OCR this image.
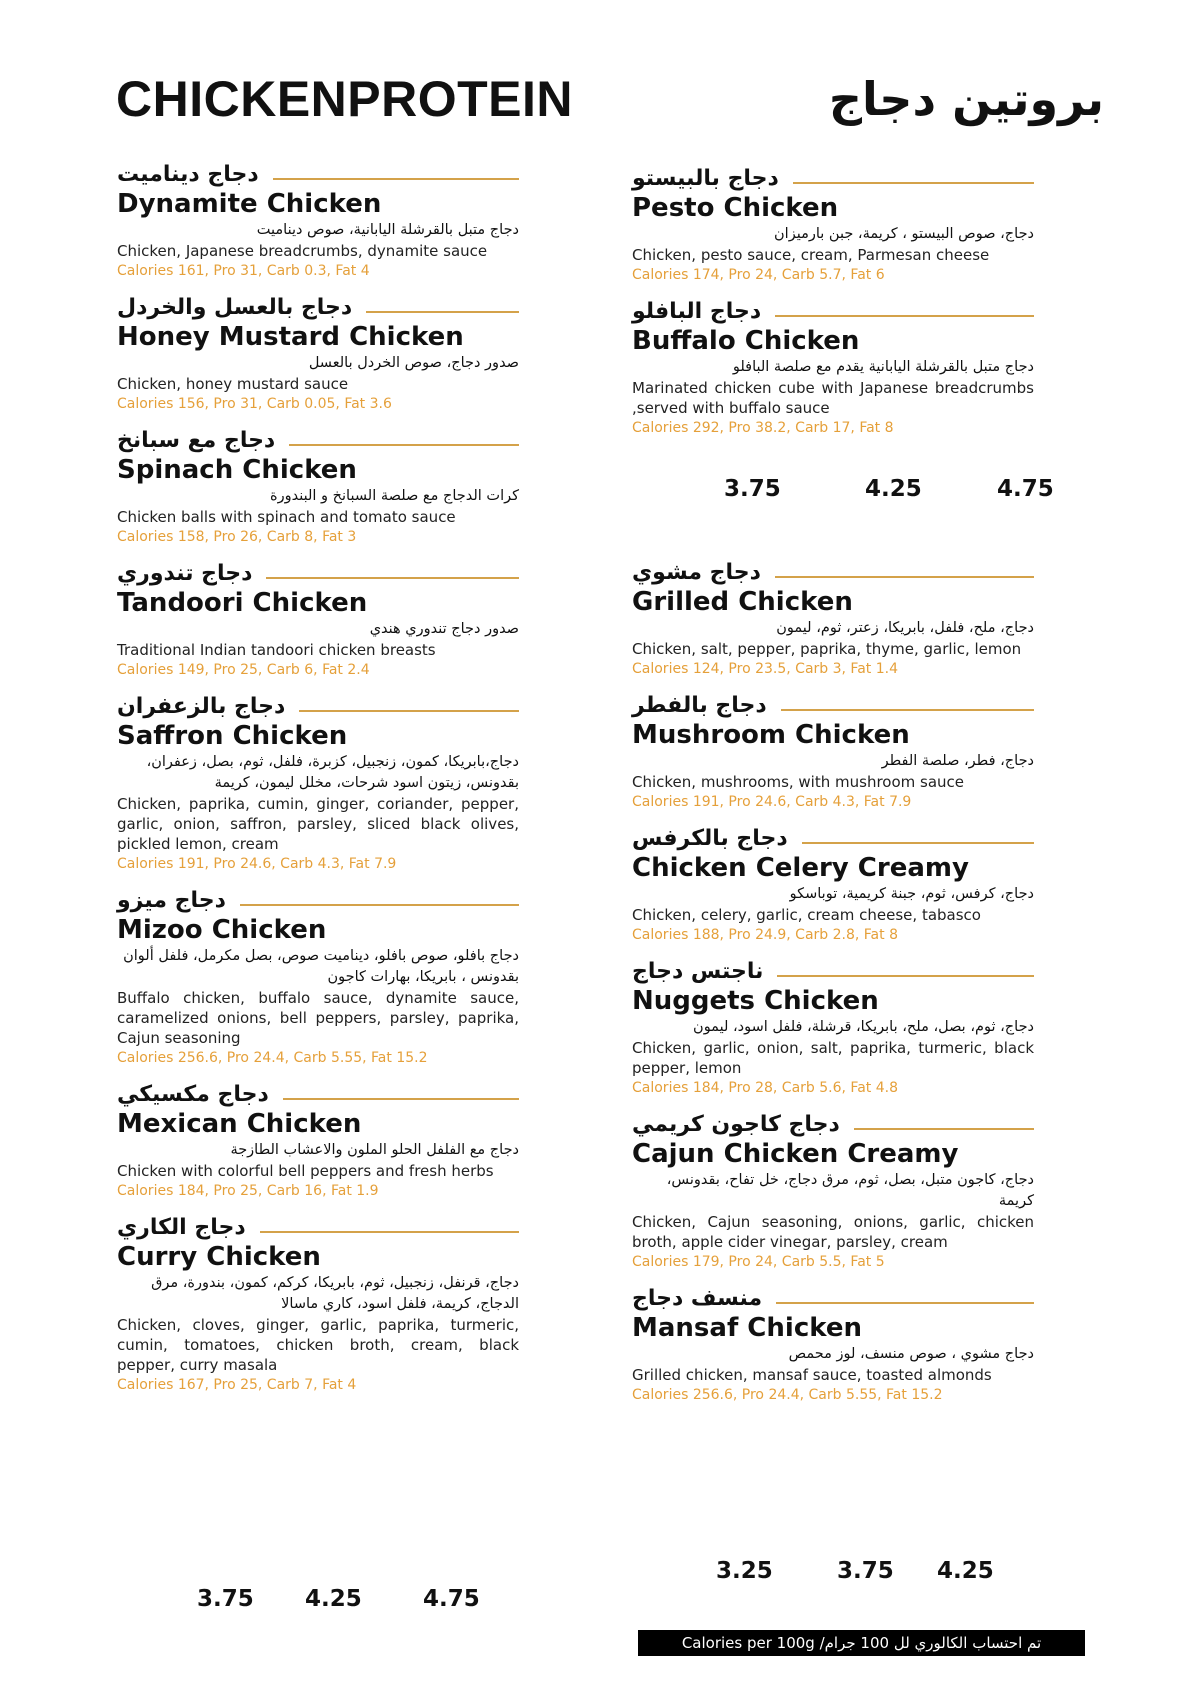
CHICKENPROTEIN	بروتين دجاج
دجاج ديناميت
Dynamite Chicken
دجاج متبل بالقرشلة اليابانية، صوص ديناميت
Chicken, Japanese breadcrumbs, dynamite sauce
Calories 161, Pro 31, Carb 0.3, Fat 4
دجاج بالعسل والخردل
Honey Mustard Chicken
صدور دجاج، صوص الخردل بالعسل
Chicken, honey mustard sauce
Calories 156, Pro 31, Carb 0.05, Fat 3.6
دجاج مع سبانخ
Spinach Chicken
كرات الدجاج مع صلصة السبانخ و البندورة
Chicken balls with spinach and tomato sauce
Calories 158, Pro 26, Carb 8, Fat 3
دجاج تندوري
Tandoori Chicken
صدور دجاج تندوري هندي
Traditional Indian tandoori chicken breasts
Calories 149, Pro 25, Carb 6, Fat 2.4
دجاج بالزعفران
Saffron Chicken
دجاج،بابريكا، كمون، زنجبيل، كزبرة، فلفل، ثوم، بصل، زعفران، بقدونس، زيتون اسود شرحات، مخلل ليمون، كريمة
Chicken, paprika, cumin, ginger, coriander, pepper, garlic, onion, saffron, parsley, sliced black olives, pickled lemon, cream
Calories 191, Pro 24.6, Carb 4.3, Fat 7.9
دجاج ميزو
Mizoo Chicken
دجاج بافلو، صوص بافلو، ديناميت صوص، بصل مكرمل، فلفل ألوان بقدونس ، بابريكا، بهارات كاجون
Buffalo chicken, buffalo sauce, dynamite sauce, caramelized onions, bell peppers, parsley, paprika, Cajun seasoning
Calories 256.6, Pro 24.4, Carb 5.55, Fat 15.2
دجاج مكسيكي
Mexican Chicken
دجاج مع الفلفل الحلو الملون والاعشاب الطازجة
Chicken with colorful bell peppers and fresh herbs
Calories 184, Pro 25, Carb 16, Fat 1.9
دجاج الكاري
Curry Chicken
دجاج، قرنفل، زنجبيل، ثوم، بابريكا، كركم، كمون، بندورة، مرق الدجاج، كريمة، فلفل اسود، كاري ماسالا
Chicken, cloves, ginger, garlic, paprika, turmeric, cumin, tomatoes, chicken broth, cream, black pepper, curry masala
Calories 167, Pro 25, Carb 7, Fat 4
دجاج بالبيستو
Pesto Chicken
دجاج، صوص البيستو ، كريمة، جبن بارميزان
Chicken, pesto sauce, cream, Parmesan cheese
Calories 174, Pro 24, Carb 5.7, Fat 6
دجاج البافلو
Buffalo Chicken
دجاج متبل بالقرشلة اليابانية يقدم مع صلصة البافلو
Marinated chicken cube with Japanese breadcrumbs ,served with buffalo sauce
Calories 292, Pro 38.2, Carb 17, Fat 8
3.75	4.25	4.75
دجاج مشوي
Grilled Chicken
دجاج، ملح، فلفل، بابريكا، زعتر، ثوم، ليمون
Chicken, salt, pepper, paprika, thyme, garlic, lemon
Calories 124, Pro 23.5, Carb 3, Fat 1.4
دجاج بالفطر
Mushroom Chicken
دجاج، فطر، صلصة الفطر
Chicken, mushrooms, with mushroom sauce
Calories 191, Pro 24.6, Carb 4.3, Fat 7.9
دجاج بالكرفس
Chicken Celery Creamy
دجاج، كرفس، ثوم، جبنة كريمية، توباسكو
Chicken, celery, garlic, cream cheese, tabasco
Calories 188, Pro 24.9, Carb 2.8, Fat 8
ناجتس دجاج
Nuggets Chicken
دجاج، ثوم، بصل، ملح، بابريكا، قرشلة، فلفل اسود، ليمون
Chicken, garlic, onion, salt, paprika, turmeric, black pepper, lemon
Calories 184, Pro 28, Carb 5.6, Fat 4.8
دجاج كاجون كريمي
Cajun Chicken Creamy
دجاج، كاجون متبل، بصل، ثوم، مرق دجاج، خل تفاح، بقدونس، كريمة
Chicken, Cajun seasoning, onions, garlic, chicken broth, apple cider vinegar, parsley, cream
Calories 179, Pro 24, Carb 5.5, Fat 5
منسف دجاج
Mansaf Chicken
دجاج مشوي ، صوص منسف، لوز محمص
Grilled chicken, mansaf sauce, toasted almonds
Calories 256.6, Pro 24.4, Carb 5.55, Fat 15.2
3.25	3.75	4.25
3.75	4.25	4.75
Calories per 100g /تم احتساب الكالوري لل 100 جرام
